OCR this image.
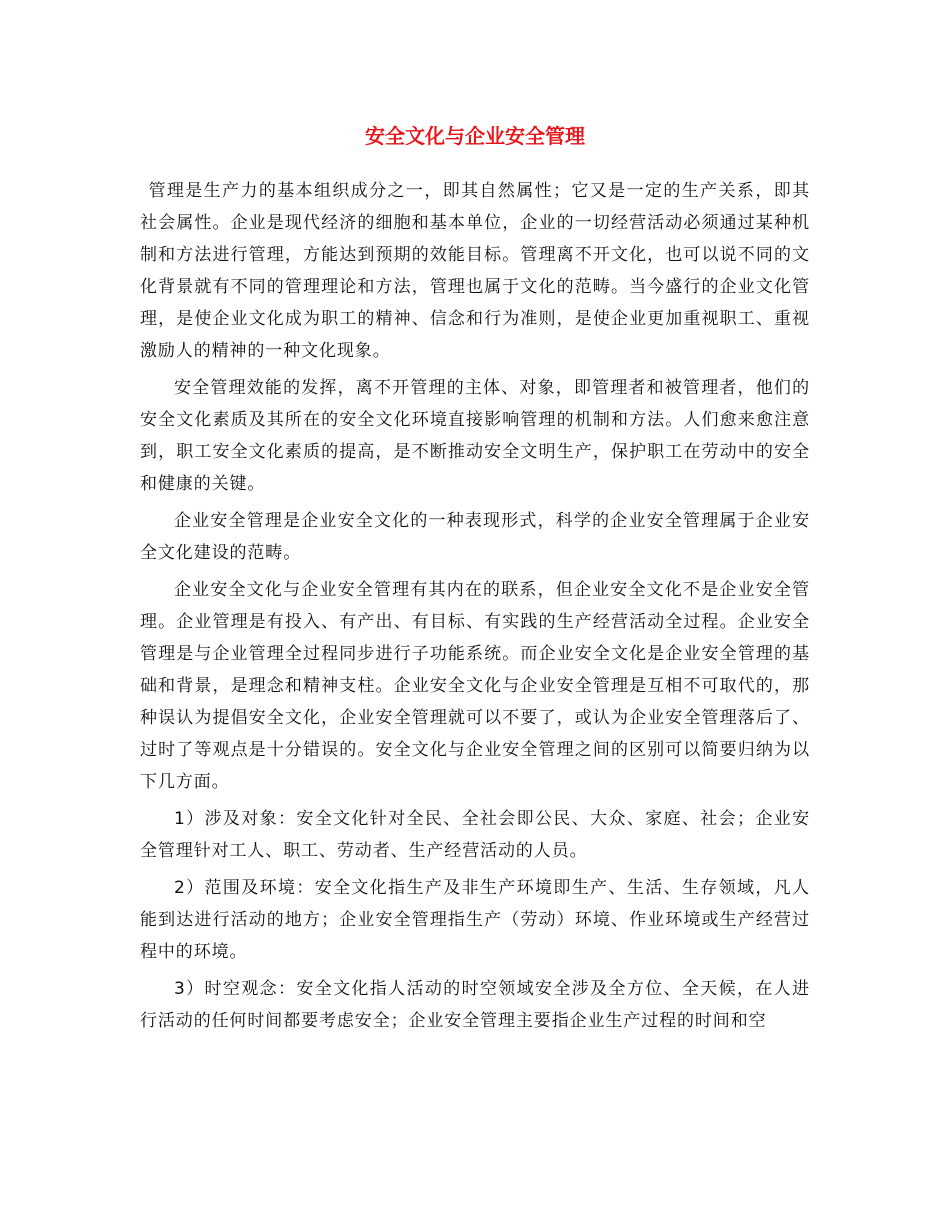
安全文化与企业安全管理

管理是生产力的基本组织成分之一，即其自然属性；它又是一定的生产关系，即其社会属性。企业是现代经济的细胞和基本单位，企业的一切经营活动必须通过某种机制和方法进行管理，方能达到预期的效能目标。管理离不开文化，也可以说不同的文化背景就有不同的管理理论和方法，管理也属于文化的范畴。当今盛行的企业文化管理，是使企业文化成为职工的精神、信念和行为准则，是使企业更加重视职工、重视激励人的精神的一种文化现象。

安全管理效能的发挥，离不开管理的主体、对象，即管理者和被管理者，他们的安全文化素质及其所在的安全文化环境直接影响管理的机制和方法。人们愈来愈注意到，职工安全文化素质的提高，是不断推动安全文明生产，保护职工在劳动中的安全和健康的关键。

企业安全管理是企业安全文化的一种表现形式，科学的企业安全管理属于企业安全文化建设的范畴。

企业安全文化与企业安全管理有其内在的联系，但企业安全文化不是企业安全管理。企业管理是有投入、有产出、有目标、有实践的生产经营活动全过程。企业安全管理是与企业管理全过程同步进行子功能系统。而企业安全文化是企业安全管理的基础和背景，是理念和精神支柱。企业安全文化与企业安全管理是互相不可取代的，那种误认为提倡安全文化，企业安全管理就可以不要了，或认为企业安全管理落后了、过时了等观点是十分错误的。安全文化与企业安全管理之间的区别可以简要归纳为以下几方面。

1）涉及对象：安全文化针对全民、全社会即公民、大众、家庭、社会；企业安全管理针对工人、职工、劳动者、生产经营活动的人员。

2）范围及环境：安全文化指生产及非生产环境即生产、生活、生存领域，凡人能到达进行活动的地方；企业安全管理指生产（劳动）环境、作业环境或生产经营过程中的环境。

3）时空观念：安全文化指人活动的时空领域安全涉及全方位、全天候，在人进行活动的任何时间都要考虑安全；企业安全管理主要指企业生产过程的时间和空
